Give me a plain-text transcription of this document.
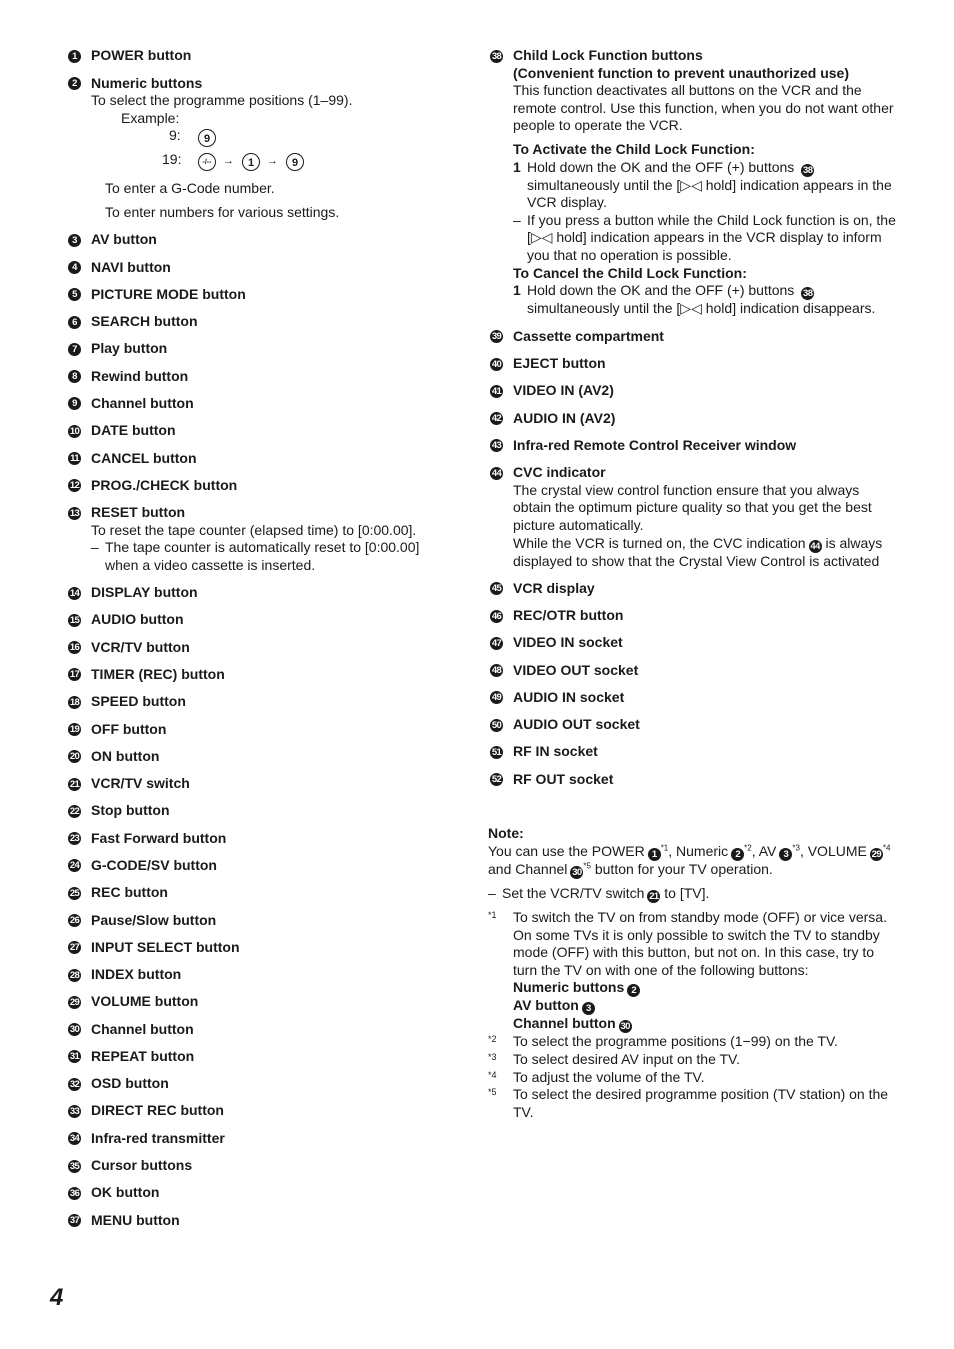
1 POWER button
2 Numeric buttons
To select the programme positions (1–99).
Example:
9:	9
19:	-/--	→	1	→	9
To enter a G-Code number.
To enter numbers for various settings.
3 AV button
4 NAVI button
5 PICTURE MODE button
6 SEARCH button
7 Play button
8 Rewind button
9 Channel button
10 DATE button
11 CANCEL button
12 PROG./CHECK button
13 RESET button
To reset the tape counter (elapsed time) to [0:00.00].
– The tape counter is automatically reset to [0:00.00] when a video cassette is inserted.
14 DISPLAY button
15 AUDIO button
16 VCR/TV button
17 TIMER (REC) button
18 SPEED button
19 OFF button
20 ON button
21 VCR/TV switch
22 Stop button
23 Fast Forward button
24 G-CODE/SV button
25 REC button
26 Pause/Slow button
27 INPUT SELECT button
28 INDEX button
29 VOLUME button
30 Channel button
31 REPEAT button
32 OSD button
33 DIRECT REC button
34 Infra-red transmitter
35 Cursor buttons
36 OK button
37 MENU button
38 Child Lock Function buttons
(Convenient function to prevent unauthorized use)
This function deactivates all buttons on the VCR and the remote control. Use this function, when you do not want other people to operate the VCR.
To Activate the Child Lock Function:
1 Hold down the OK and the OFF (+) buttons 38 simultaneously until the [▷◁ hold] indication appears in the VCR display.
– If you press a button while the Child Lock function is on, the [▷◁ hold] indication appears in the VCR display to inform you that no operation is possible.
To Cancel the Child Lock Function:
1 Hold down the OK and the OFF (+) buttons 38 simultaneously until the [▷◁ hold] indication disappears.
39 Cassette compartment
40 EJECT button
41 VIDEO IN (AV2)
42 AUDIO IN (AV2)
43 Infra-red Remote Control Receiver window
44 CVC indicator
The crystal view control function ensure that you always obtain the optimum picture quality so that you get the best picture automatically.
While the VCR is turned on, the CVC indication 44 is always displayed to show that the Crystal View Control is activated
45 VCR display
46 REC/OTR button
47 VIDEO IN socket
48 VIDEO OUT socket
49 AUDIO IN socket
50 AUDIO OUT socket
51 RF IN socket
52 RF OUT socket
Note:
You can use the POWER 1$^{*1}$, Numeric 2$^{*2}$, AV 3$^{*3}$, VOLUME 29$^{*4}$ and Channel 30$^{*5}$ button for your TV operation.
– Set the VCR/TV switch 21 to [TV].
*1 To switch the TV on from standby mode (OFF) or vice versa.
On some TVs it is only possible to switch the TV to standby mode (OFF) with this button, but not on. In this case, try to turn the TV on with one of the following buttons:
Numeric buttons 2
AV button 3
Channel button 30
*2 To select the programme positions (1−99) on the TV.
*3 To select desired AV input on the TV.
*4 To adjust the volume of the TV.
*5 To select the desired programme position (TV station) on the TV.
4
